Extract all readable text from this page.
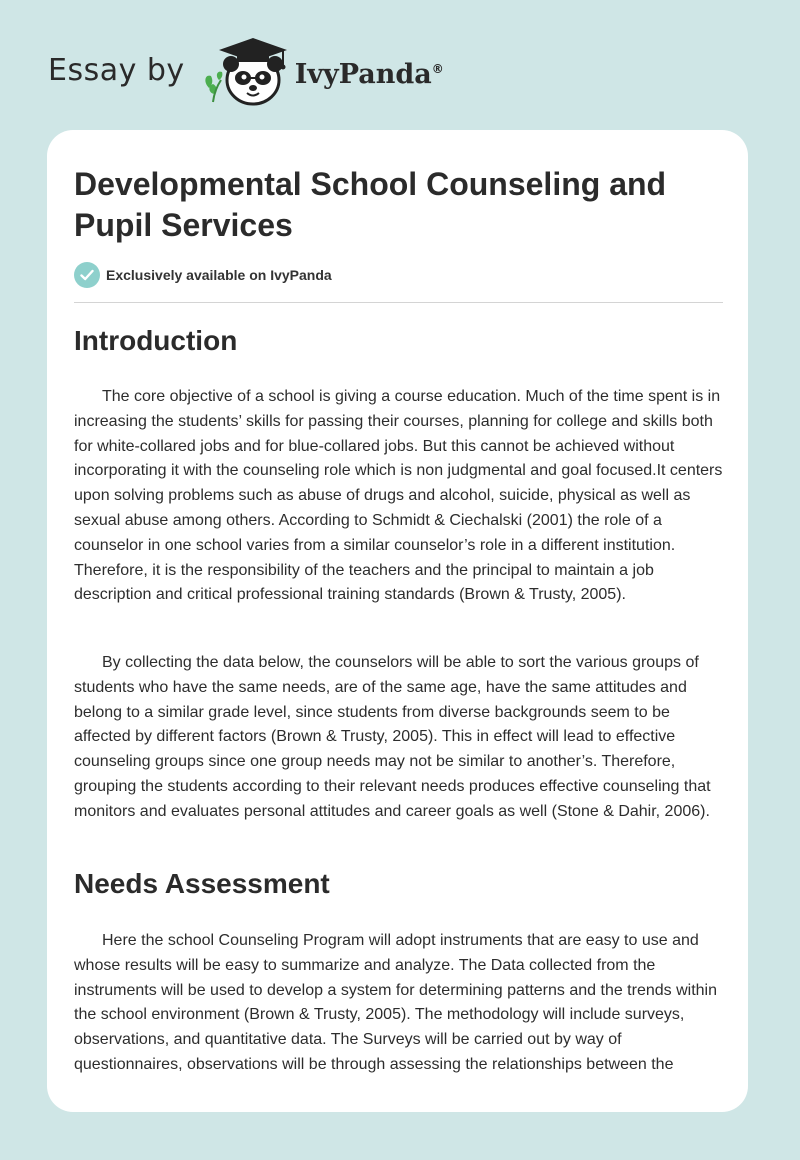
Essay by	IvyPanda®
Developmental School Counseling and Pupil Services
Exclusively available on IvyPanda
Introduction

The core objective of a school is giving a course education. Much of the time spent is in increasing the students’ skills for passing their courses, planning for college and skills both for white-collared jobs and for blue-collared jobs. But this cannot be achieved without incorporating it with the counseling role which is non judgmental and goal focused.It centers upon solving problems such as abuse of drugs and alcohol, suicide, physical as well as sexual abuse among others. According to Schmidt & Ciechalski (2001) the role of a counselor in one school varies from a similar counselor’s role in a different institution. Therefore, it is the responsibility of the teachers and the principal to maintain a job description and critical professional training standards (Brown & Trusty, 2005).

By collecting the data below, the counselors will be able to sort the various groups of students who have the same needs, are of the same age, have the same attitudes and belong to a similar grade level, since students from diverse backgrounds seem to be affected by different factors (Brown & Trusty, 2005). This in effect will lead to effective counseling groups since one group needs may not be similar to another’s. Therefore, grouping the students according to their relevant needs produces effective counseling that monitors and evaluates personal attitudes and career goals as well (Stone & Dahir, 2006).

Needs Assessment

Here the school Counseling Program will adopt instruments that are easy to use and whose results will be easy to summarize and analyze. The Data collected from the instruments will be used to develop a system for determining patterns and the trends within the school environment (Brown & Trusty, 2005). The methodology will include surveys, observations, and quantitative data. The Surveys will be carried out by way of questionnaires, observations will be through assessing the relationships between the
